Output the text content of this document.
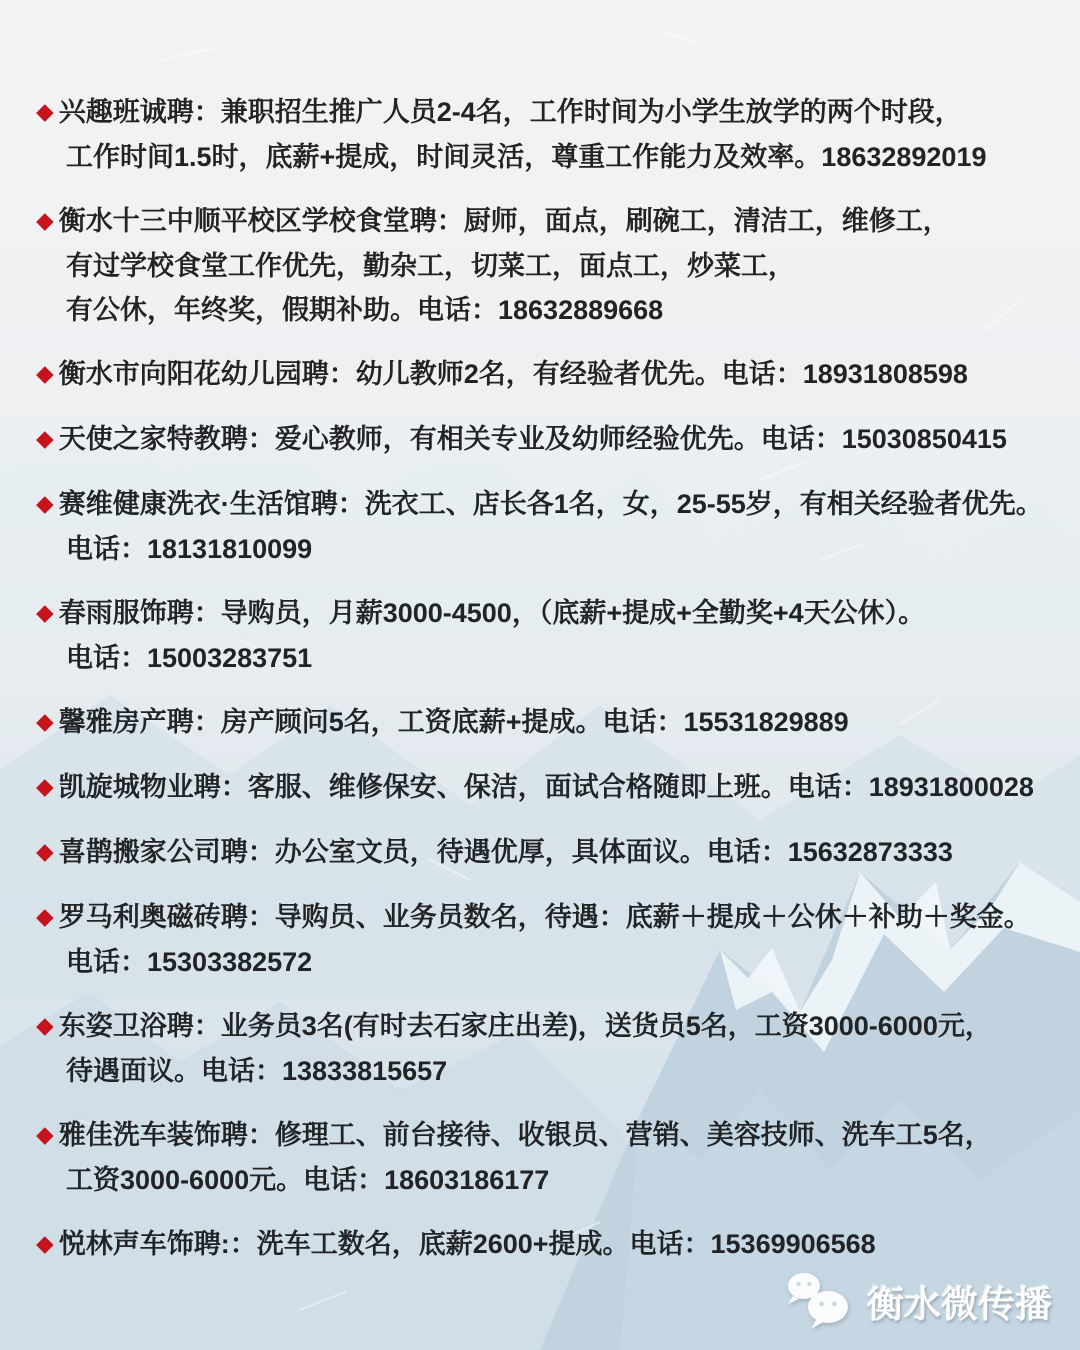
◆ 兴趣班诚聘：兼职招生推广人员2-4名，工作时间为小学生放学的两个时段，
工作时间1.5时，底薪+提成，时间灵活，尊重工作能力及效率。18632892019
◆ 衡水十三中顺平校区学校食堂聘：厨师，面点，刷碗工，清洁工，维修工，
有过学校食堂工作优先，勤杂工，切菜工，面点工，炒菜工，
有公休，年终奖，假期补助。电话：18632889668
◆ 衡水市向阳花幼儿园聘：幼儿教师2名，有经验者优先。电话：18931808598
◆ 天使之家特教聘：爱心教师，有相关专业及幼师经验优先。电话：15030850415
◆ 赛维健康洗衣·生活馆聘：洗衣工、店长各1名，女，25-55岁，有相关经验者优先。
电话：18131810099
◆ 春雨服饰聘：导购员，月薪3000-4500，（底薪+提成+全勤奖+4天公休）。
电话：15003283751
◆ 馨雅房产聘：房产顾问5名，工资底薪+提成。电话：15531829889
◆ 凯旋城物业聘：客服、维修保安、保洁，面试合格随即上班。电话：18931800028
◆ 喜鹊搬家公司聘：办公室文员，待遇优厚，具体面议。电话：15632873333
◆ 罗马利奥磁砖聘：导购员、业务员数名，待遇：底薪＋提成＋公休＋补助＋奖金。
电话：15303382572
◆ 东姿卫浴聘：业务员3名(有时去石家庄出差)，送货员5名，工资3000-6000元，
待遇面议。电话：13833815657
◆ 雅佳洗车装饰聘：修理工、前台接待、收银员、营销、美容技师、洗车工5名，
工资3000-6000元。电话：18603186177
◆ 悦林声车饰聘:：洗车工数名，底薪2600+提成。电话：15369906568
衡水微传播
